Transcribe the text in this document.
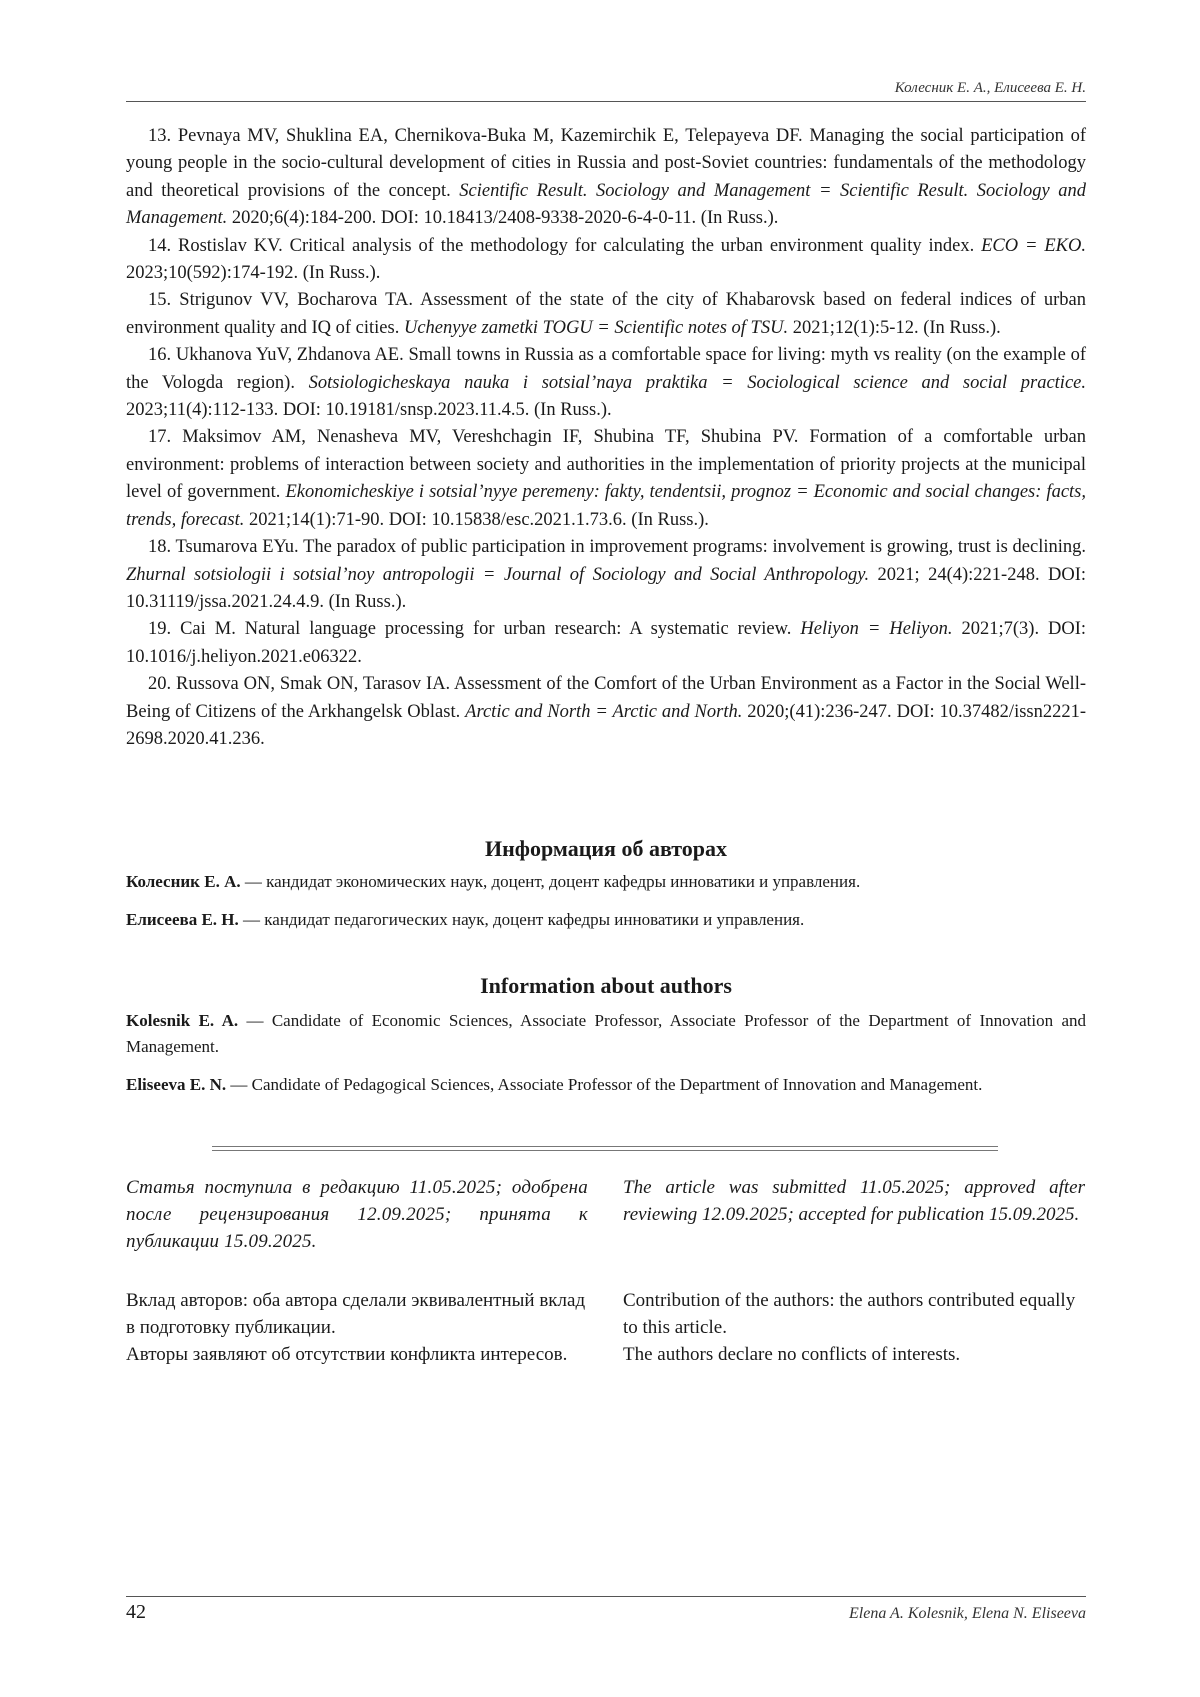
Колесник Е. А., Елисеева Е. Н.

13. Pevnaya MV, Shuklina EA, Chernikova-Buka M, Kazemirchik E, Telepayeva DF. Managing the social participation of young people in the socio-cultural development of cities in Russia and post-Soviet countries: fundamentals of the methodology and theoretical provisions of the concept. Scientific Result. Sociology and Management = Scientific Result. Sociology and Management. 2020;6(4):184-200. DOI: 10.18413/2408-9338-2020-6-4-0-11. (In Russ.).

14. Rostislav KV. Critical analysis of the methodology for calculating the urban environment quality index. ECO = EKO. 2023;10(592):174-192. (In Russ.).

15. Strigunov VV, Bocharova TA. Assessment of the state of the city of Khabarovsk based on federal indices of urban environment quality and IQ of cities. Uchenyye zametki TOGU = Scientific notes of TSU. 2021;12(1):5-12. (In Russ.).

16. Ukhanova YuV, Zhdanova AE. Small towns in Russia as a comfortable space for living: myth vs reality (on the example of the Vologda region). Sotsiologicheskaya nauka i sotsial’naya praktika = Sociological science and social practice. 2023;11(4):112-133. DOI: 10.19181/snsp.2023.11.4.5. (In Russ.).

17. Maksimov AM, Nenasheva MV, Vereshchagin IF, Shubina TF, Shubina PV. Formation of a comfortable urban environment: problems of interaction between society and authorities in the implementation of priority projects at the municipal level of government. Ekonomicheskiye i sotsial’nyye peremeny: fakty, tendentsii, prognoz = Economic and social changes: facts, trends, forecast. 2021;14(1):71-90. DOI: 10.15838/esc.2021.1.73.6. (In Russ.).

18. Tsumarova EYu. The paradox of public participation in improvement programs: involvement is growing, trust is declining. Zhurnal sotsiologii i sotsial’noy antropologii = Journal of Sociology and Social Anthropology. 2021; 24(4):221-248. DOI: 10.31119/jssa.2021.24.4.9. (In Russ.).

19. Cai M. Natural language processing for urban research: A systematic review. Heliyon = Heliyon. 2021;7(3). DOI: 10.1016/j.heliyon.2021.e06322.

20. Russova ON, Smak ON, Tarasov IA. Assessment of the Comfort of the Urban Environment as a Factor in the Social Well-Being of Citizens of the Arkhangelsk Oblast. Arctic and North = Arctic and North. 2020;(41):236-247. DOI: 10.37482/issn2221-2698.2020.41.236.

Информация об авторах
Колесник Е. А. — кандидат экономических наук, доцент, доцент кафедры инноватики и управления.
Елисеева Е. Н. — кандидат педагогических наук, доцент кафедры инноватики и управления.
Information about authors
Kolesnik E. A. — Candidate of Economic Sciences, Associate Professor, Associate Professor of the Department of Innovation and Management.
Eliseeva E. N. — Candidate of Pedagogical Sciences, Associate Professor of the Department of Innovation and Management.

Статья поступила в редакцию 11.05.2025; одобрена после рецензирования 12.09.2025; принята к публикации 15.09.2025.

Вклад авторов: оба автора сделали эквивалентный вклад в подготовку публикации.

Авторы заявляют об отсутствии конфликта интересов.

The article was submitted 11.05.2025; approved after reviewing 12.09.2025; accepted for publication 15.09.2025.

Contribution of the authors: the authors contributed equally to this article.

The authors declare no conflicts of interests.

42	Elena A. Kolesnik, Elena N. Eliseeva
